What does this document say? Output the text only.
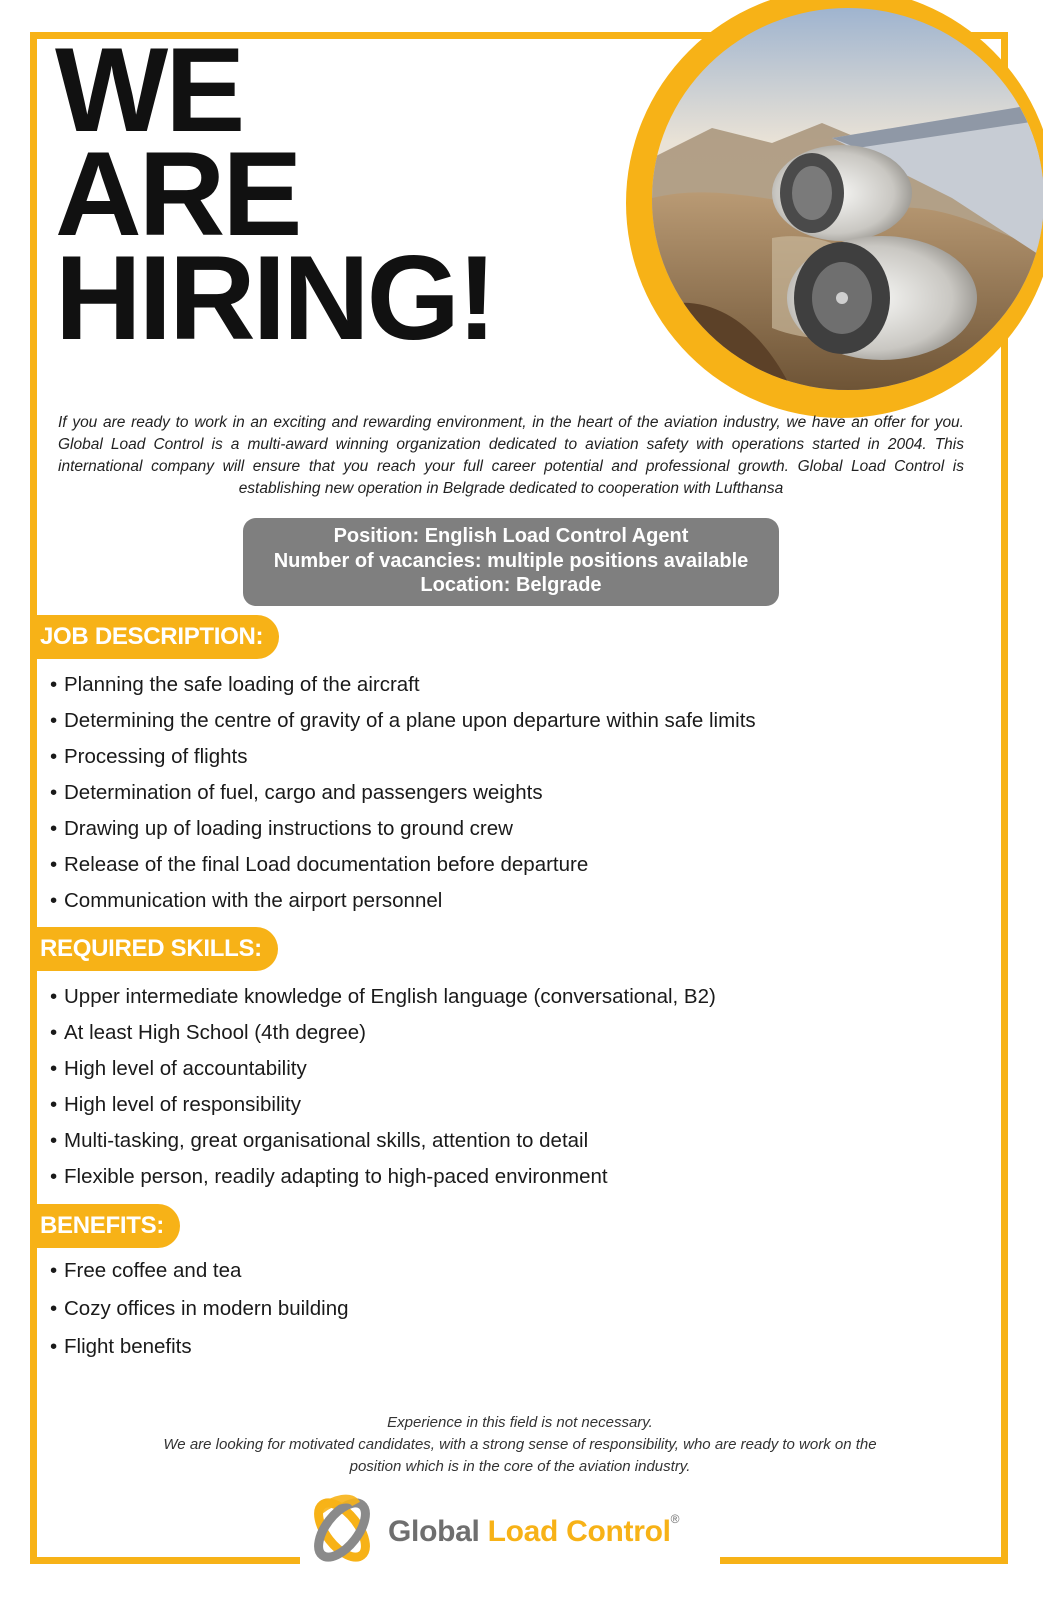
WE
ARE
HIRING!

If you are ready to work in an exciting and rewarding environment, in the heart of the aviation industry, we have an offer for you. Global Load Control is a multi-award winning organization dedicated to aviation safety with operations started in 2004. This international company will ensure that you reach your full career potential and professional growth. Global Load Control is establishing new operation in Belgrade dedicated to cooperation with Lufthansa

Position: English Load Control Agent
Number of vacancies: multiple positions available
Location: Belgrade
JOB DESCRIPTION:
• Planning the safe loading of the aircraft
• Determining the centre of gravity of a plane upon departure within safe limits
• Processing of flights
• Determination of fuel, cargo and passengers weights
• Drawing up of loading instructions to ground crew
• Release of the final Load documentation before departure
• Communication with the airport personnel
REQUIRED SKILLS:
• Upper intermediate knowledge of English language (conversational, B2)
• At least High School (4th degree)
• High level of accountability
• High level of responsibility
• Multi-tasking, great organisational skills, attention to detail
• Flexible person, readily adapting to high-paced environment
BENEFITS:
• Free coffee and tea
• Cozy offices in modern building
• Flight benefits
Experience in this field is not necessary.
We are looking for motivated candidates, with a strong sense of responsibility, who are ready to work on the position which is in the core of the aviation industry.
Global Load Control®
